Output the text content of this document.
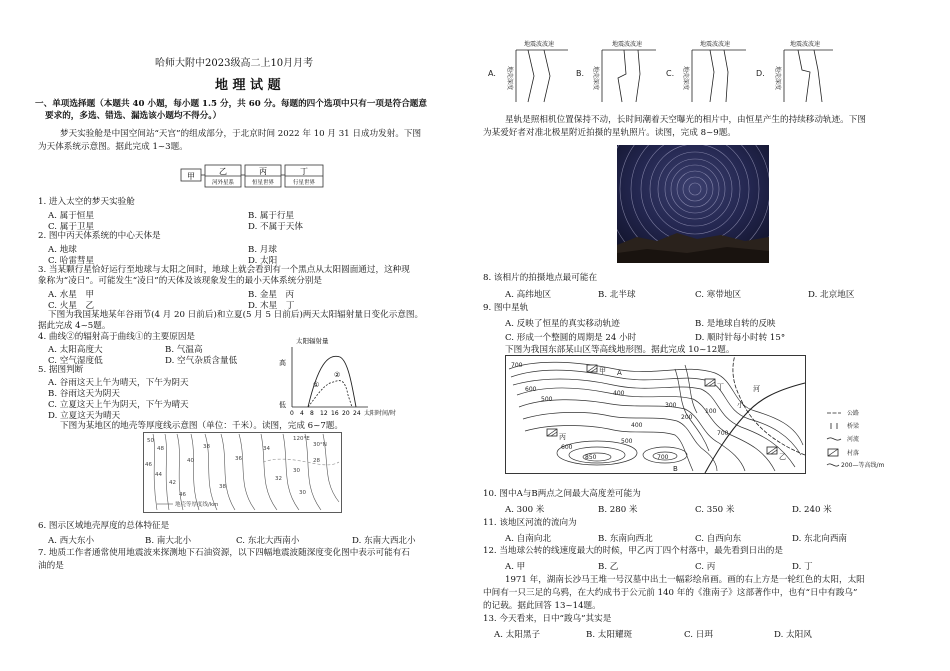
哈师大附中2023级高二上10月月考
地 理 试 题
一、单项选择题（本题共 40 小题，每小题 1.5 分，共 60 分。每题的四个选项中只有一项是符合题意
要求的，多选、错选、漏选该小题均不得分。）
梦天实验舱是中国空间站“天宫”的组成部分，于北京时间 2022 年 10 月 31 日成功发射。下图
为天体系统示意图。据此完成 1~3题。
甲
乙
河外星系
丙
恒星世界
丁
行星世界
1. 进入太空的梦天实验舱
A. 属于恒星	B. 属于行星
C. 属于卫星	D. 不属于天体
2. 图中丙天体系统的中心天体是
A. 地球	B. 月球
C. 哈雷彗星	D. 太阳
3. 当某颗行星恰好运行至地球与太阳之间时，地球上就会看到有一个黑点从太阳圆面通过，这种现
象称为“凌日”。可能发生“凌日”的天体及该现象发生的最小天体系统分别是
A. 水星　甲	B. 金星　丙
C. 火星　乙	D. 木星　丁
下图为我国某地某年谷雨节(4 月 20 日前后)和立夏(5 月 5 日前后)两天太阳辐射量日变化示意图。
据此完成 4~5题。
4. 曲线②的辐射高于曲线①的主要原因是
A. 太阳高度大	B. 气温高
C. 空气湿度低	D. 空气杂质含量低
5. 据图判断
A. 谷雨这天上午为晴天，下午为阴天
B. 谷雨这天为阴天
C. 立夏这天上午为阴天，下午为晴天
D. 立夏这天为晴天
太阳辐射量
高
低
①
②
0 4 8 12 16 20 24 太阳时间/时
下图为某地区的地壳等厚度线示意图（单位：千米）。读图，完成 6~7题。
50
48
46
44
42
40
38
36
34
32
30
28
46
38
30
120°E
30°N
地壳等厚度线/km
6. 图示区域地壳厚度的总体特征是
A. 西大东小	B. 南大北小	C. 东北大西南小	D. 东南大西北小
7. 地质工作者通常使用地震波来探测地下石油资源，以下四幅地震波随深度变化图中表示可能有石
油的是
A.
地震波波速
地壳深度	B.
地震波波速
地壳深度	C.
地震波波速
地壳深度	D.
地震波波速
地壳深度
星轨是照相机位置保持不动，长时间潮着天空曝光的相片中，由恒星产生的持续移动轨迹。下图
为某爱好者对准北极星附近拍摄的星轨照片。读图，完成 8~9题。
8. 该相片的拍摄地点最可能在
A. 高纬地区	B. 北半球	C. 寒带地区	D. 北京地区
9. 图中星轨
A. 反映了恒星的真实移动轨迹	B. 是地球自转的反映
C. 形成一个整圆的周期是 24 小时	D. 顺时针每小时转 15°
下图为我国东部某山区等高线地形图。据此完成 10~12题。
700
600
500
400
300
200
100
850	700
600
500
700
400
小
河
A
B
甲
乙
丙
丁
公路
桥梁
河流
村落
200—等高线/m
10. 图中A与B两点之间最大高度差可能为
A. 300 米	B. 280 米	C. 350 米	D. 240 米
11. 该地区河流的流向为
A. 自南向北	B. 东南向西北	C. 自西向东	D. 东北向西南
12. 当地球公转的线速度最大的时候，甲乙丙丁四个村落中，最先看到日出的是
A. 甲	B. 乙	C. 丙	D. 丁
1971 年，湖南长沙马王堆一号汉墓中出土一幅彩绘帛画。画的右上方是一轮红色的太阳，太阳
中间有一只三足的乌鸦，在大约成书于公元前 140 年的《淮南子》这部著作中，也有“日中有踆乌”
的记载。据此回答 13~14题。
13. 今天看来，日中“踆乌”其实是
A. 太阳黑子	B. 太阳耀斑	C. 日珥	D. 太阳风
